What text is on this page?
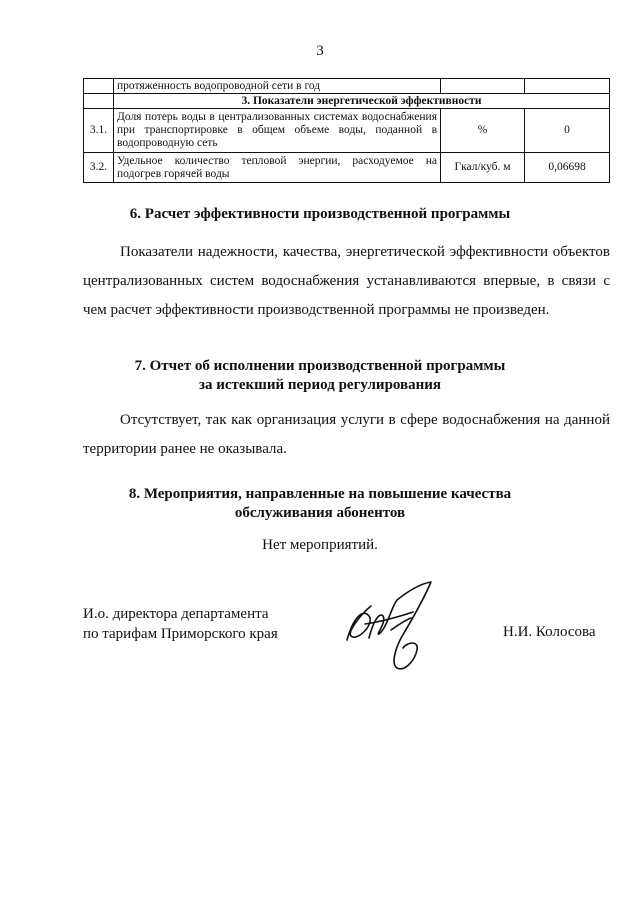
3
	протяженность водопроводной сети в год		
	3. Показатели энергетической эффективности		
3.1.	Доля потерь воды в централизованных системах водоснабжения при транспортировке в общем объеме воды, поданной в водопроводную сеть	%	0
3.2.	Удельное количество тепловой энергии, расходуемое на подогрев горячей воды	Гкал/куб. м	0,06698
6. Расчет эффективности производственной программы
Показатели надежности, качества, энергетической эффективности объектов централизованных систем водоснабжения устанавливаются впервые, в связи с чем расчет эффективности производственной программы не произведен.
7. Отчет об исполнении производственной программы
за истекший период регулирования
Отсутствует, так как организация услуги в сфере водоснабжения на данной территории ранее не оказывала.
8. Мероприятия, направленные на повышение качества
обслуживания абонентов
Нет мероприятий.
И.о. директора департамента
по тарифам Приморского края	Н.И. Колосова
